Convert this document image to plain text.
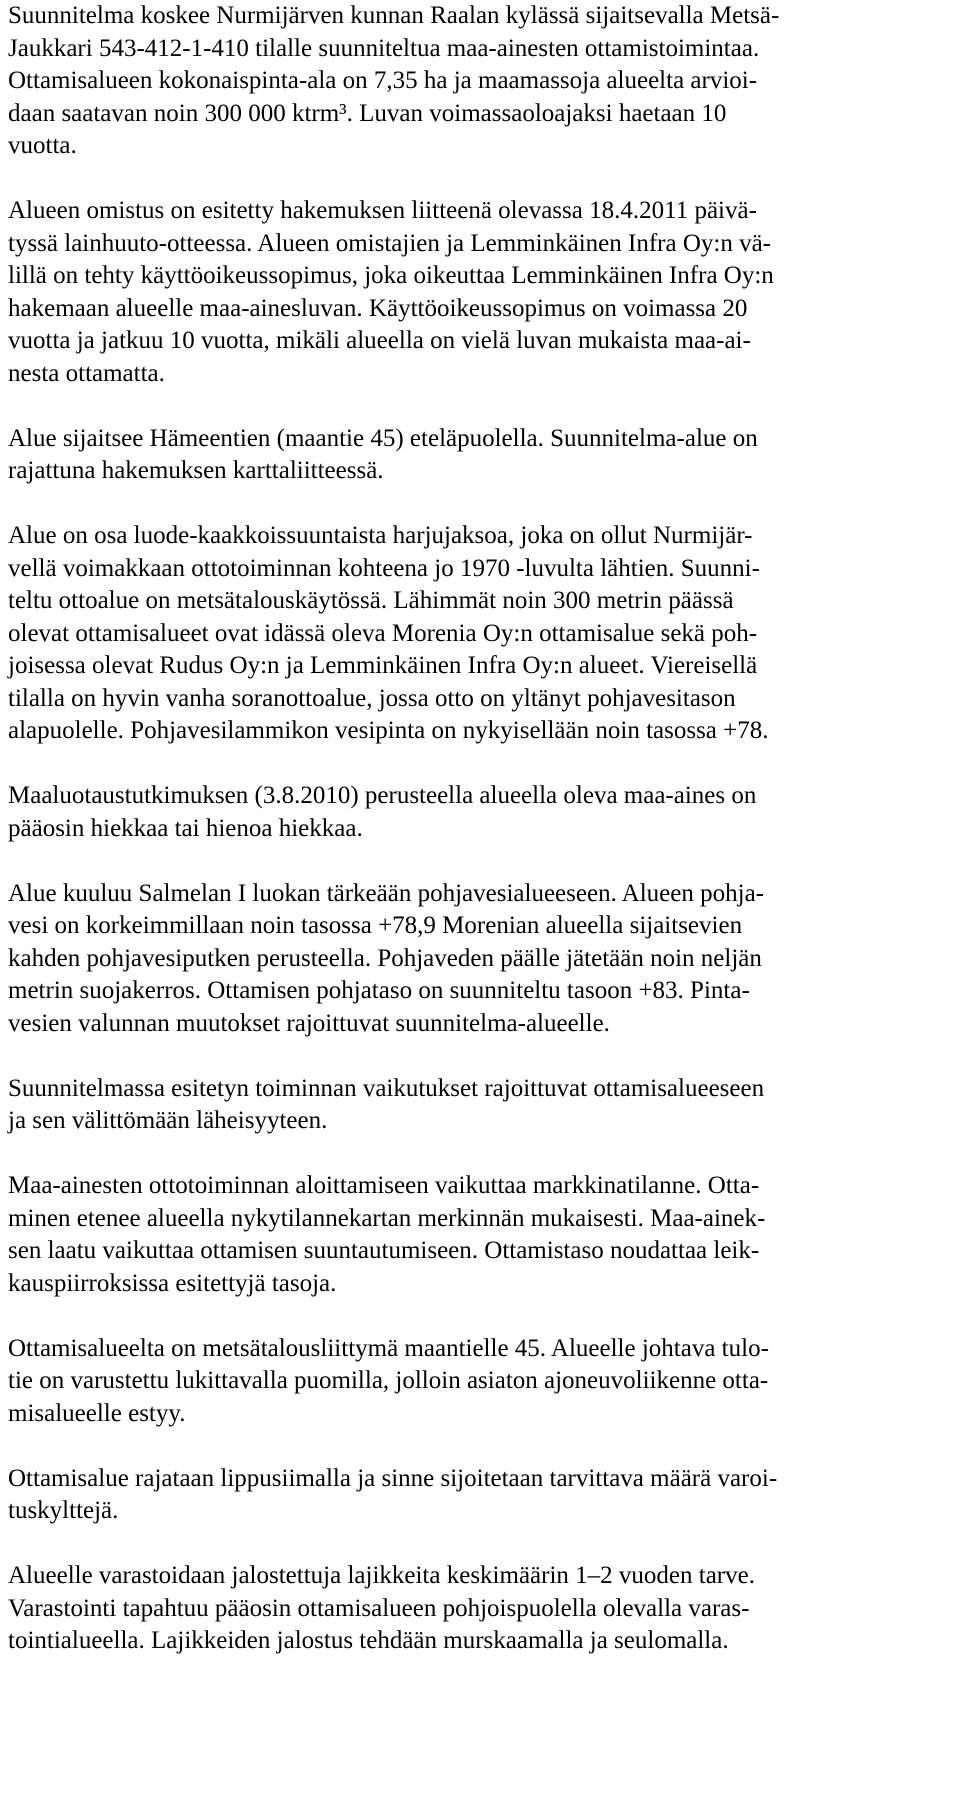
Suunnitelma koskee Nurmijärven kunnan Raalan kylässä sijaitsevalla Metsä-
Jaukkari 543-412-1-410 tilalle suunniteltua maa-ainesten ottamistoimintaa.
Ottamisalueen kokonaispinta-ala on 7,35 ha ja maamassoja alueelta arvioi-
daan saatavan noin 300 000 ktrm³. Luvan voimassaoloajaksi haetaan 10
vuotta.

Alueen omistus on esitetty hakemuksen liitteenä olevassa 18.4.2011 päivä-
tyssä lainhuuto-otteessa. Alueen omistajien ja Lemminkäinen Infra Oy:n vä-
lillä on tehty käyttöoikeussopimus, joka oikeuttaa Lemminkäinen Infra Oy:n
hakemaan alueelle maa-ainesluvan. Käyttöoikeussopimus on voimassa 20
vuotta ja jatkuu 10 vuotta, mikäli alueella on vielä luvan mukaista maa-ai-
nesta ottamatta.

Alue sijaitsee Hämeentien (maantie 45) eteläpuolella. Suunnitelma-alue on
rajattuna hakemuksen karttaliitteessä.

Alue on osa luode-kaakkoissuuntaista harjujaksoa, joka on ollut Nurmijär-
vellä voimakkaan ottotoiminnan kohteena jo 1970 -luvulta lähtien. Suunni-
teltu ottoalue on metsätalouskäytössä. Lähimmät noin 300 metrin päässä
olevat ottamisalueet ovat idässä oleva Morenia Oy:n ottamisalue sekä poh-
joisessa olevat Rudus Oy:n ja Lemminkäinen Infra Oy:n alueet. Viereisellä
tilalla on hyvin vanha soranottoalue, jossa otto on yltänyt pohjavesitason
alapuolelle. Pohjavesilammikon vesipinta on nykyisellään noin tasossa +78.

Maaluotaustutkimuksen (3.8.2010) perusteella alueella oleva maa-aines on
pääosin hiekkaa tai hienoa hiekkaa.

Alue kuuluu Salmelan I luokan tärkeään pohjavesialueeseen. Alueen pohja-
vesi on korkeimmillaan noin tasossa +78,9 Morenian alueella sijaitsevien
kahden pohjavesiputken perusteella. Pohjaveden päälle jätetään noin neljän
metrin suojakerros. Ottamisen pohjataso on suunniteltu tasoon +83. Pinta-
vesien valunnan muutokset rajoittuvat suunnitelma-alueelle.

Suunnitelmassa esitetyn toiminnan vaikutukset rajoittuvat ottamisalueeseen
ja sen välittömään läheisyyteen.

Maa-ainesten ottotoiminnan aloittamiseen vaikuttaa markkinatilanne. Otta-
minen etenee alueella nykytilannekartan merkinnän mukaisesti. Maa-ainek-
sen laatu vaikuttaa ottamisen suuntautumiseen. Ottamistaso noudattaa leik-
kauspiirroksissa esitettyjä tasoja.

Ottamisalueelta on metsätalousliittymä maantielle 45. Alueelle johtava tulo-
tie on varustettu lukittavalla puomilla, jolloin asiaton ajoneuvoliikenne otta-
misalueelle estyy.

Ottamisalue rajataan lippusiimalla ja sinne sijoitetaan tarvittava määrä varoi-
tuskylttejä.

Alueelle varastoidaan jalostettuja lajikkeita keskimäärin 1–2 vuoden tarve.
Varastointi tapahtuu pääosin ottamisalueen pohjoispuolella olevalla varas-
tointialueella. Lajikkeiden jalostus tehdään murskaamalla ja seulomalla.
